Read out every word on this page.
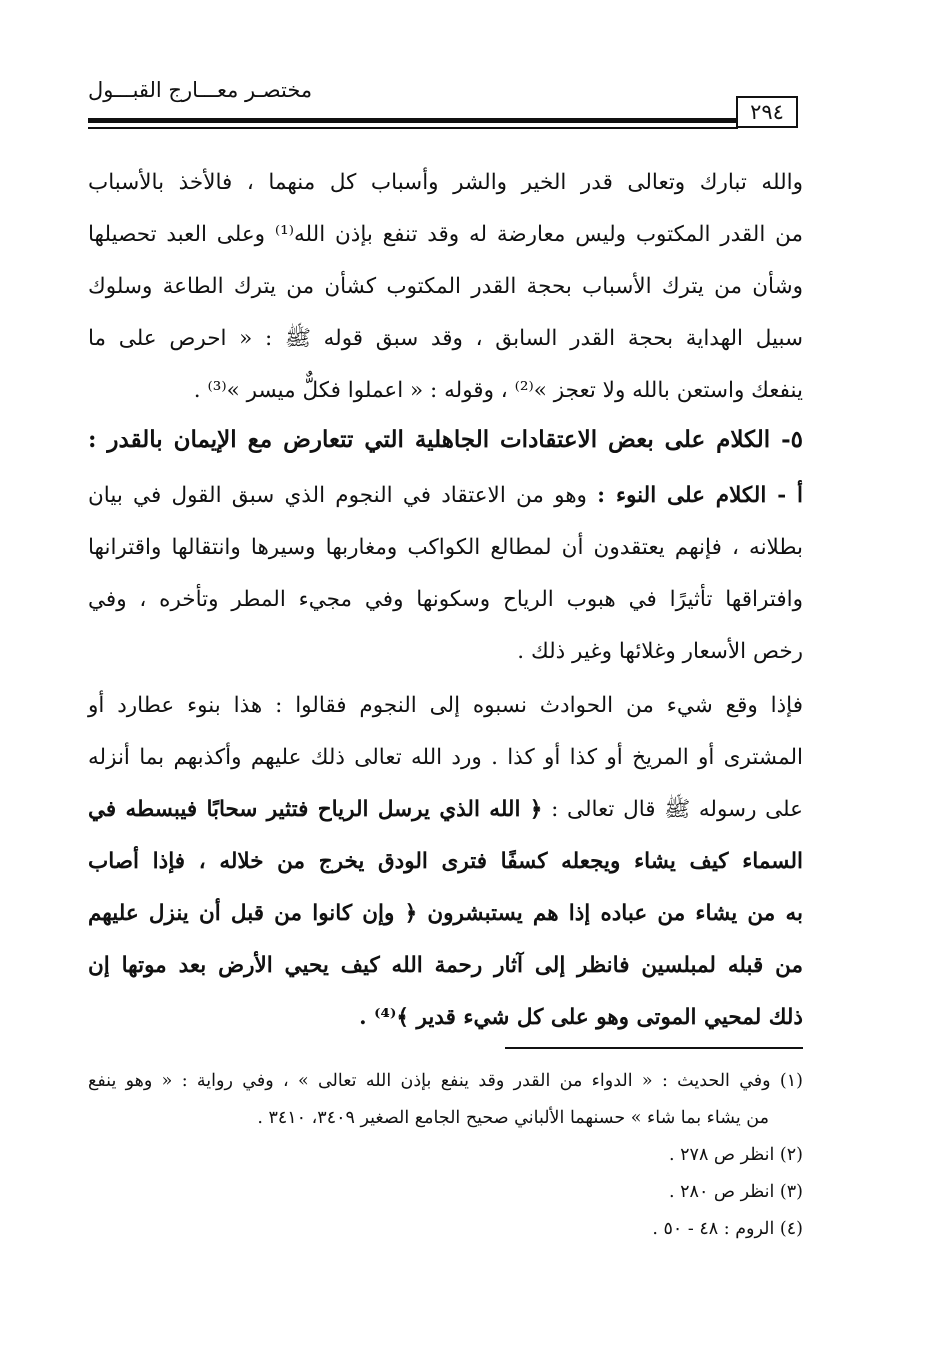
مختصـر معـــارج القبـــول
٢٩٤
والله تبارك وتعالى قدر الخير والشر وأسباب كل منهما ، فالأخذ بالأسباب
من القدر المكتوب وليس معارضة له وقد تنفع بإذن الله⁽¹⁾ وعلى العبد تحصيلها
وشأن من يترك الأسباب بحجة القدر المكتوب كشأن من يترك الطاعة وسلوك
سبيل الهداية بحجة القدر السابق ، وقد سبق قوله ﷺ : « احرص على ما
ينفعك واستعن بالله ولا تعجز »⁽²⁾ ، وقوله : « اعملوا فكلٌّ ميسر »⁽³⁾ .
٥- الكلام على بعض الاعتقادات الجاهلية التي تتعارض مع الإيمان بالقدر :
أ - الكلام على النوء : وهو من الاعتقاد في النجوم الذي سبق القول في بيان
بطلانه ، فإنهم يعتقدون أن لمطالع الكواكب ومغاربها وسيرها وانتقالها واقترانها
وافتراقها تأثيرًا في هبوب الرياح وسكونها وفي مجيء المطر وتأخره ، وفي
رخص الأسعار وغلائها وغير ذلك .
فإذا وقع شيء من الحوادث نسبوه إلى النجوم فقالوا : هذا بنوء عطارد أو
المشترى أو المريخ أو كذا أو كذا . ورد الله تعالى ذلك عليهم وأكذبهم بما أنزله
على رسوله ﷺ قال تعالى : ﴿ الله الذي يرسل الرياح فتثير سحابًا فيبسطه في
السماء كيف يشاء ويجعله كسفًا فترى الودق يخرج من خلاله ، فإذا أصاب
به من يشاء من عباده إذا هم يستبشرون ﴿ وإن كانوا من قبل أن ينزل عليهم
من قبله لمبلسين فانظر إلى آثار رحمة الله كيف يحيي الأرض بعد موتها إن
ذلك لمحيي الموتى وهو على كل شيء قدير ﴾⁽⁴⁾ .
(١) وفي الحديث : « الدواء من القدر وقد ينفع بإذن الله تعالى » ، وفي رواية : « وهو ينفع
من يشاء بما شاء » حسنهما الألباني صحيح الجامع الصغير ٣٤٠٩، ٣٤١٠ .
(٢) انظر ص ٢٧٨ .
(٣) انظر ص ٢٨٠ .
(٤) الروم : ٤٨ - ٥٠ .
